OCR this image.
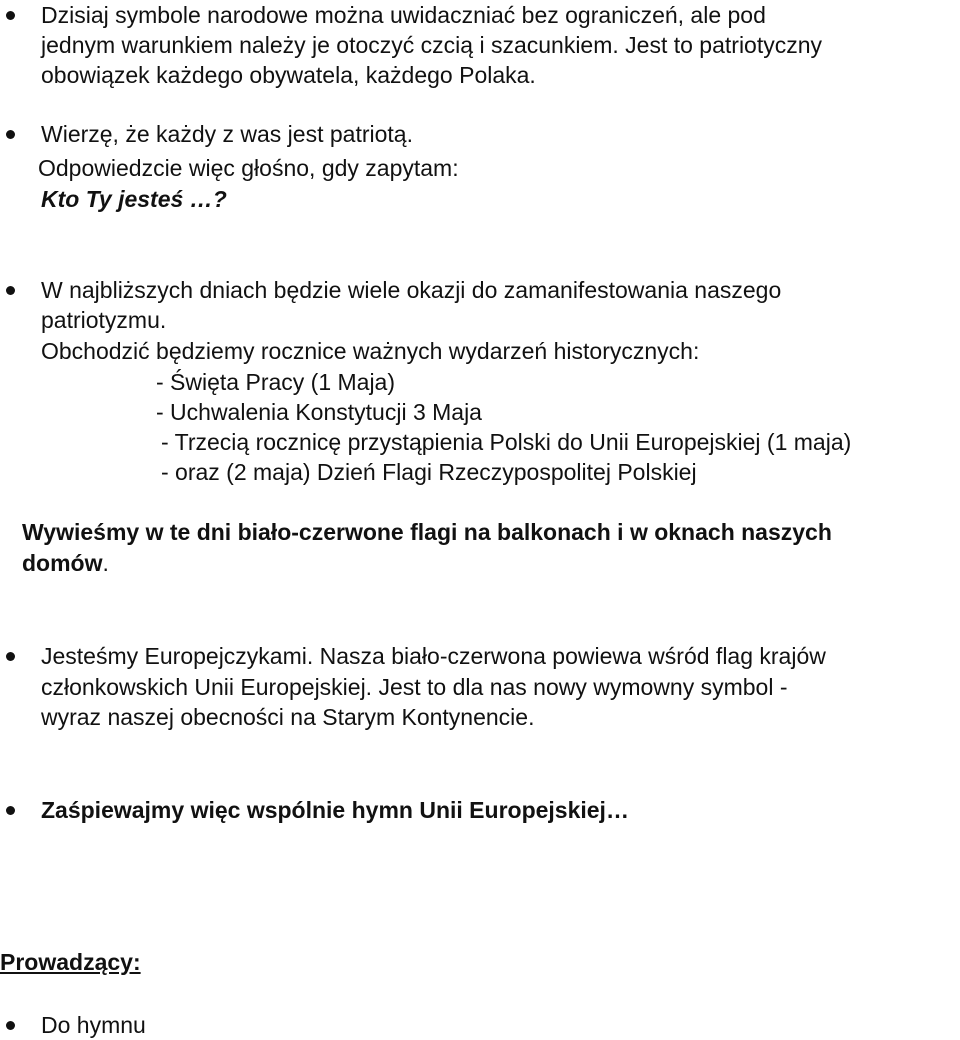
Dzisiaj symbole narodowe można uwidaczniać bez ograniczeń, ale pod
jednym warunkiem należy je otoczyć czcią i szacunkiem. Jest to patriotyczny
obowiązek każdego obywatela, każdego Polaka.
Wierzę, że każdy z was jest patriotą.
Odpowiedzcie więc głośno, gdy zapytam:
Kto Ty jesteś …?
W najbliższych dniach będzie wiele okazji do zamanifestowania naszego
patriotyzmu.
Obchodzić będziemy rocznice ważnych wydarzeń historycznych:
- Święta Pracy (1 Maja)
- Uchwalenia Konstytucji 3 Maja
- Trzecią rocznicę przystąpienia Polski do Unii Europejskiej (1 maja)
- oraz (2 maja) Dzień Flagi Rzeczypospolitej Polskiej
Wywieśmy w te dni biało-czerwone flagi na balkonach i w oknach naszych
domów.
Jesteśmy Europejczykami. Nasza biało-czerwona powiewa wśród flag krajów
członkowskich Unii Europejskiej. Jest to dla nas nowy wymowny symbol -
wyraz naszej obecności na Starym Kontynencie.
Zaśpiewajmy więc wspólnie hymn Unii Europejskiej…
Prowadzący:
Do hymnu
